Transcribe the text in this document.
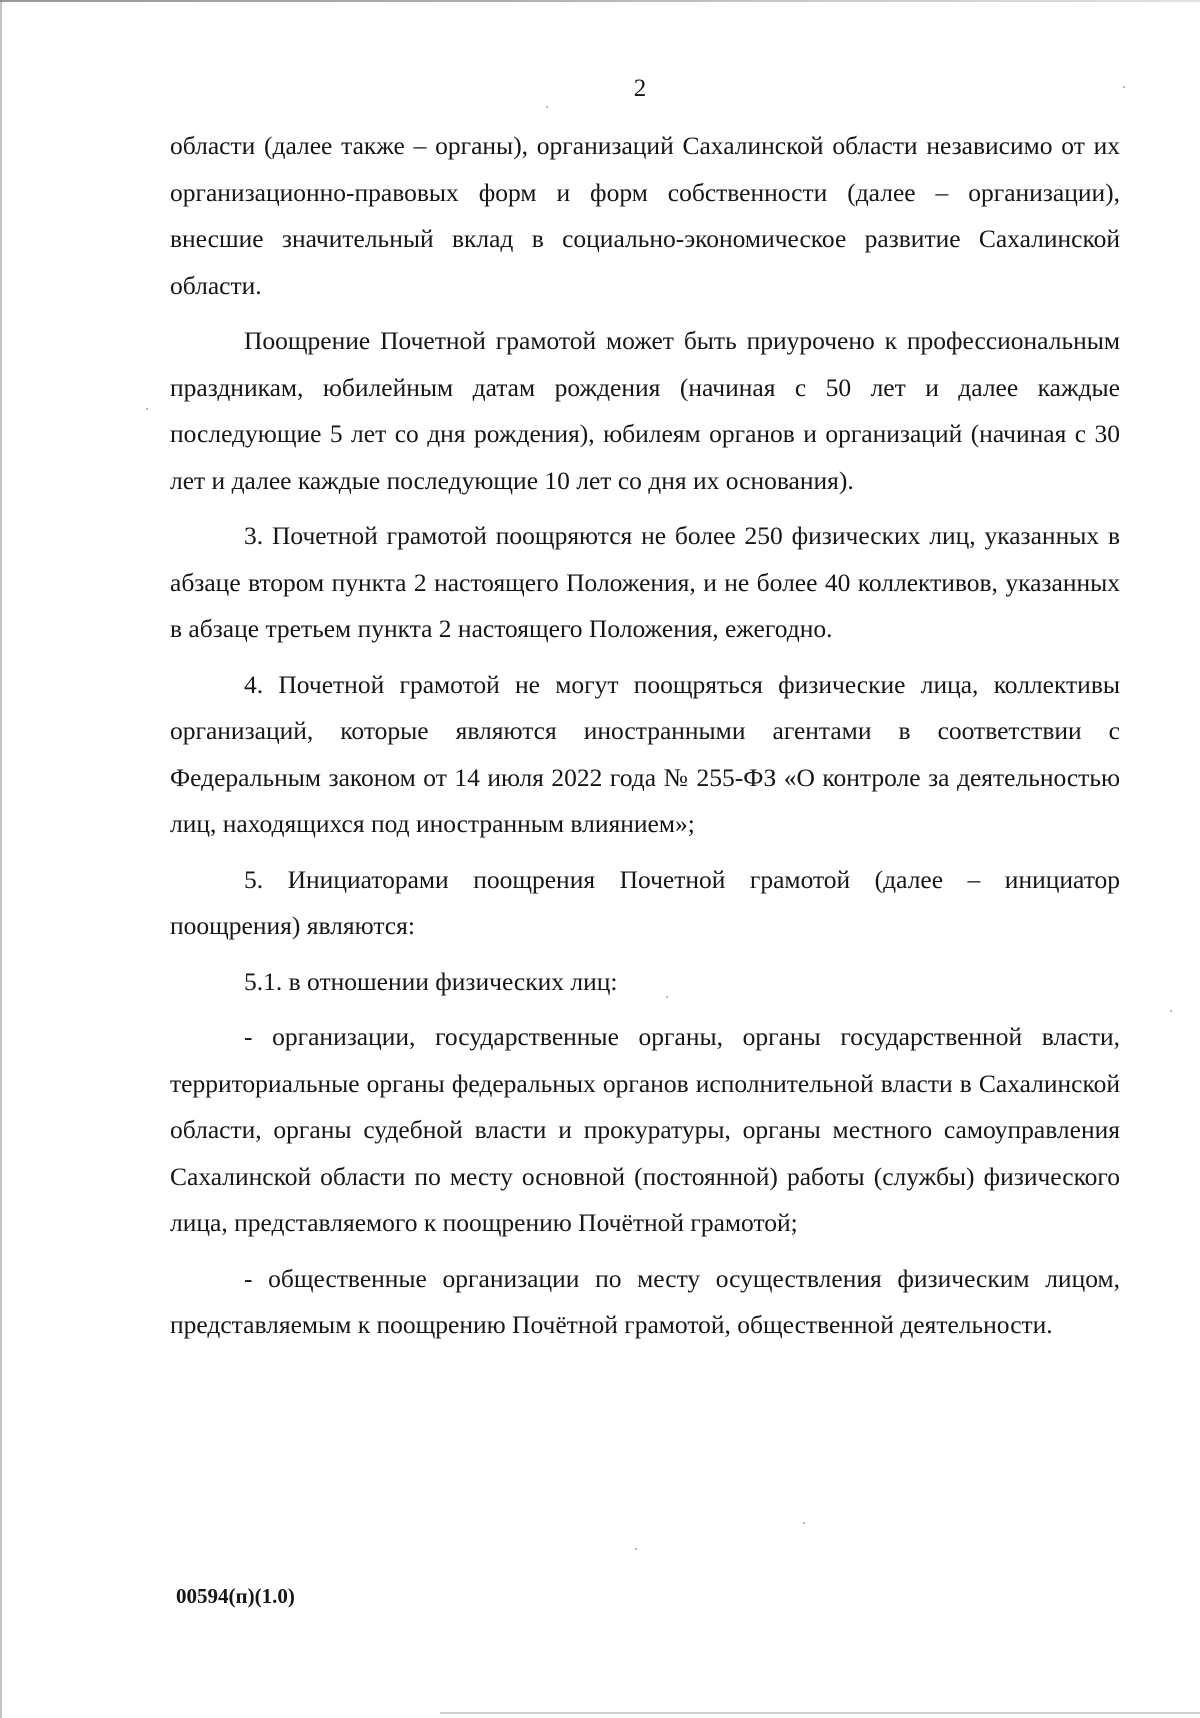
2

области (далее также – органы), организаций Сахалинской области независимо от их организационно-правовых форм и форм собственности (далее – организации), внесшие значительный вклад в социально-экономическое развитие Сахалинской области.

Поощрение Почетной грамотой может быть приурочено к профессиональным праздникам, юбилейным датам рождения (начиная с 50 лет и далее каждые последующие 5 лет со дня рождения), юбилеям органов и организаций (начиная с 30 лет и далее каждые последующие 10 лет со дня их основания).

3. Почетной грамотой поощряются не более 250 физических лиц, указанных в абзаце втором пункта 2 настоящего Положения, и не более 40 коллективов, указанных в абзаце третьем пункта 2 настоящего Положения, ежегодно.

4. Почетной грамотой не могут поощряться физические лица, коллективы организаций, которые являются иностранными агентами в соответствии с Федеральным законом от 14 июля 2022 года № 255-ФЗ «О контроле за деятельностью лиц, находящихся под иностранным влиянием»;

5. Инициаторами поощрения Почетной грамотой (далее – инициатор поощрения) являются:

5.1. в отношении физических лиц:

- организации, государственные органы, органы государственной власти, территориальные органы федеральных органов исполнительной власти в Сахалинской области, органы судебной власти и прокуратуры, органы местного самоуправления Сахалинской области по месту основной (постоянной) работы (службы) физического лица, представляемого к поощрению Почётной грамотой;

- общественные организации по месту осуществления физическим лицом, представляемым к поощрению Почётной грамотой, общественной деятельности.

00594(п)(1.0)
